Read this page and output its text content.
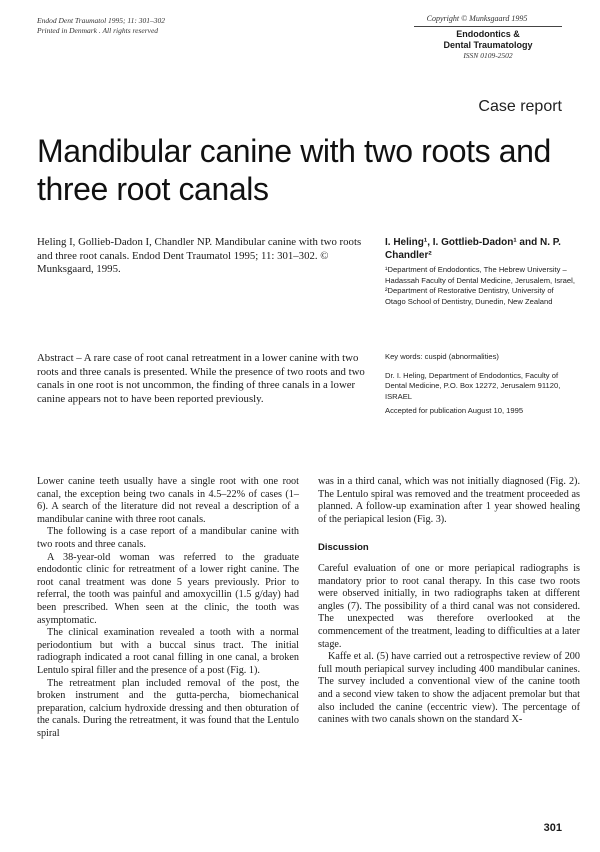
Endod Dent Traumatol 1995; 11: 301–302
Printed in Denmark . All rights reserved
Copyright © Munksgaard 1995
Endodontics &
Dental Traumatology
ISSN 0109-2502
Case report
Mandibular canine with two roots and three root canals
Heling I, Gollieb-Dadon I, Chandler NP. Mandibular canine with two roots and three root canals. Endod Dent Traumatol 1995; 11: 301–302. © Munksgaard, 1995.
I. Heling¹, I. Gottlieb-Dadon¹ and N. P. Chandler²
¹Department of Endodontics, The Hebrew University – Hadassah Faculty of Dental Medicine, Jerusalem, Israel, ²Department of Restorative Dentistry, University of Otago School of Dentistry, Dunedin, New Zealand
Abstract – A rare case of root canal retreatment in a lower canine with two roots and three canals is presented. While the presence of two roots and two canals in one root is not uncommon, the finding of three canals in a lower canine appears not to have been reported previously.
Key words: cuspid (abnormalities)
Dr. I. Heling, Department of Endodontics, Faculty of Dental Medicine, P.O. Box 12272, Jerusalem 91120, ISRAEL
Accepted for publication August 10, 1995

Lower canine teeth usually have a single root with one root canal, the exception being two canals in 4.5–22% of cases (1–6). A search of the literature did not reveal a description of a mandibular canine with three root canals.

The following is a case report of a mandibular canine with two roots and three canals.

A 38-year-old woman was referred to the graduate endodontic clinic for retreatment of a lower right canine. The root canal treatment was done 5 years previously. Prior to referral, the tooth was painful and amoxycillin (1.5 g/day) had been prescribed. When seen at the clinic, the tooth was asymptomatic.

The clinical examination revealed a tooth with a normal periodontium but with a buccal sinus tract. The initial radiograph indicated a root canal filling in one canal, a broken Lentulo spiral filler and the presence of a post (Fig. 1).

The retreatment plan included removal of the post, the broken instrument and the gutta-percha, biomechanical preparation, calcium hydroxide dressing and then obturation of the canals. During the retreatment, it was found that the Lentulo spiral

was in a third canal, which was not initially diagnosed (Fig. 2). The Lentulo spiral was removed and the treatment proceeded as planned. A follow-up examination after 1 year showed healing of the periapical lesion (Fig. 3).

Discussion

Careful evaluation of one or more periapical radiographs is mandatory prior to root canal therapy. In this case two roots were observed initially, in two radiographs taken at different angles (7). The possibility of a third canal was not considered. The unexpected was therefore overlooked at the commencement of the treatment, leading to difficulties at a later stage.

Kaffe et al. (5) have carried out a retrospective review of 200 full mouth periapical survey including 400 mandibular canines. The survey included a conventional view of the canine tooth and a second view taken to show the adjacent premolar but that also included the canine (eccentric view). The percentage of canines with two canals shown on the standard X-

301
